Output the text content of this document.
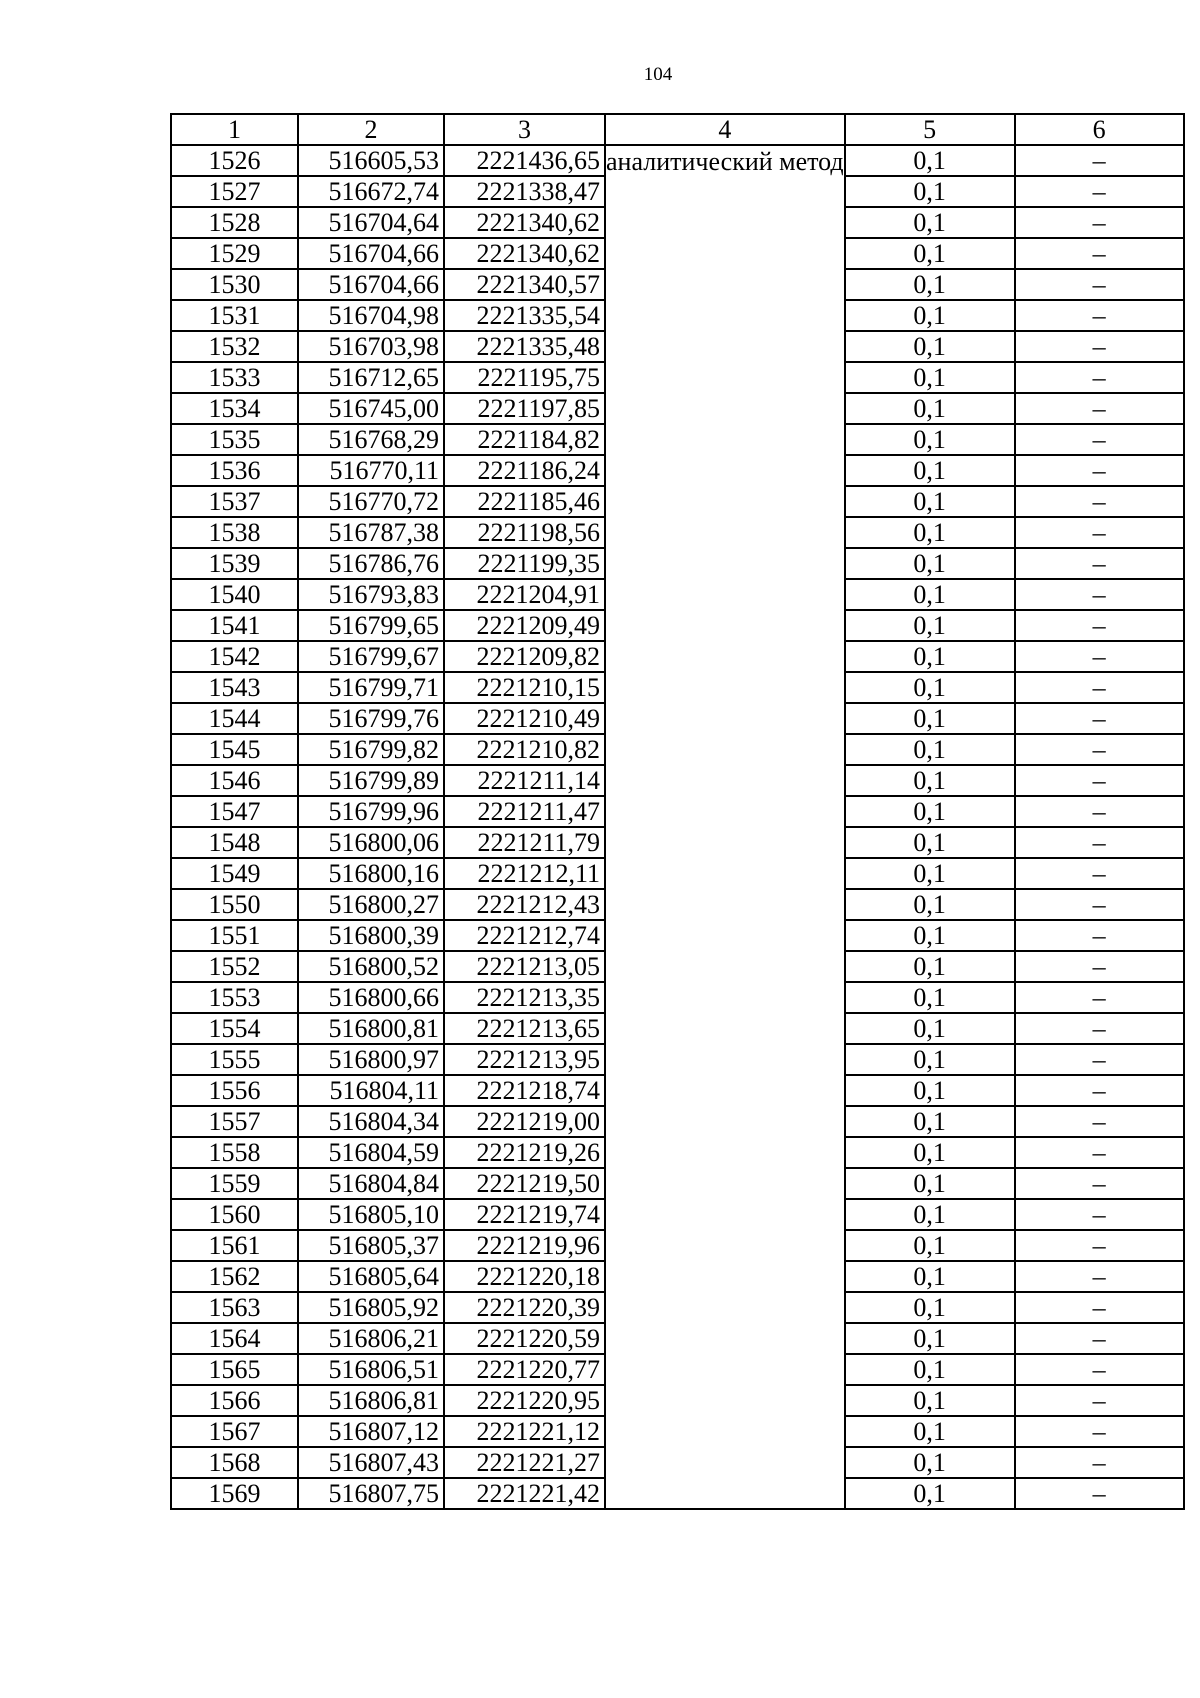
104
1	2	3	4	5	6
1526	516605,53	2221436,65	аналитический метод	0,1	–
1527	516672,74	2221338,47		0,1	–
1528	516704,64	2221340,62		0,1	–
1529	516704,66	2221340,62		0,1	–
1530	516704,66	2221340,57		0,1	–
1531	516704,98	2221335,54		0,1	–
1532	516703,98	2221335,48		0,1	–
1533	516712,65	2221195,75		0,1	–
1534	516745,00	2221197,85		0,1	–
1535	516768,29	2221184,82		0,1	–
1536	516770,11	2221186,24		0,1	–
1537	516770,72	2221185,46		0,1	–
1538	516787,38	2221198,56		0,1	–
1539	516786,76	2221199,35		0,1	–
1540	516793,83	2221204,91		0,1	–
1541	516799,65	2221209,49		0,1	–
1542	516799,67	2221209,82		0,1	–
1543	516799,71	2221210,15		0,1	–
1544	516799,76	2221210,49		0,1	–
1545	516799,82	2221210,82		0,1	–
1546	516799,89	2221211,14		0,1	–
1547	516799,96	2221211,47		0,1	–
1548	516800,06	2221211,79		0,1	–
1549	516800,16	2221212,11		0,1	–
1550	516800,27	2221212,43		0,1	–
1551	516800,39	2221212,74		0,1	–
1552	516800,52	2221213,05		0,1	–
1553	516800,66	2221213,35		0,1	–
1554	516800,81	2221213,65		0,1	–
1555	516800,97	2221213,95		0,1	–
1556	516804,11	2221218,74		0,1	–
1557	516804,34	2221219,00		0,1	–
1558	516804,59	2221219,26		0,1	–
1559	516804,84	2221219,50		0,1	–
1560	516805,10	2221219,74		0,1	–
1561	516805,37	2221219,96		0,1	–
1562	516805,64	2221220,18		0,1	–
1563	516805,92	2221220,39		0,1	–
1564	516806,21	2221220,59		0,1	–
1565	516806,51	2221220,77		0,1	–
1566	516806,81	2221220,95		0,1	–
1567	516807,12	2221221,12		0,1	–
1568	516807,43	2221221,27		0,1	–
1569	516807,75	2221221,42		0,1	–
